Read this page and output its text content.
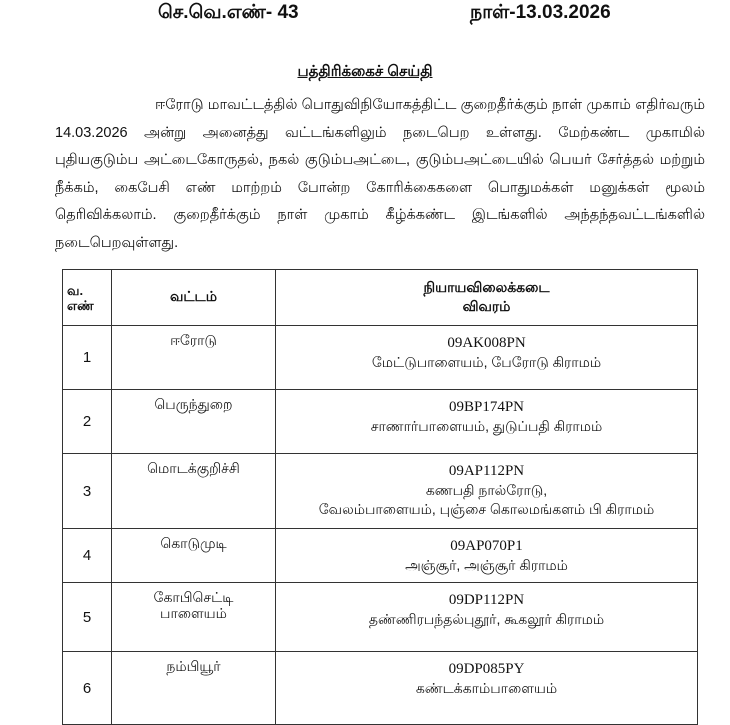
செ.வெ.எண்- 43	நாள்-13.03.2026
பத்திரிக்கைச் செய்தி

ஈரோடு மாவட்டத்தில் பொதுவிநியோகத்திட்ட குறைதீர்க்கும் நாள் முகாம் எதிர்வரும் 14.03.2026 அன்று அனைத்து வட்டங்களிலும் நடைபெற உள்ளது. மேற்கண்ட முகாமில் புதியகுடும்ப அட்டைகோருதல், நகல் குடும்பஅட்டை, குடும்பஅட்டையில் பெயர் சேர்த்தல் மற்றும் நீக்கம், கைபேசி எண் மாற்றம் போன்ற கோரிக்கைகளை பொதுமக்கள் மனுக்கள் மூலம் தெரிவிக்கலாம். குறைதீர்க்கும் நாள் முகாம் கீழ்க்கண்ட இடங்களில் அந்தந்தவட்டங்களில் நடைபெறவுள்ளது.

வ.
எண்	வட்டம்	நியாயவிலைக்கடை
விவரம்
1	ஈரோடு	09AK008PN
மேட்டுபாளையம், பேரோடு கிராமம்
2	பெருந்துறை	09BP174PN
சாணார்பாளையம், துடுப்பதி கிராமம்
3	மொடக்குறிச்சி	09AP112PN
கணபதி நால்ரோடு,
வேலம்பாளையம், புஞ்சை கொலமங்களம் பி கிராமம்
4	கொடுமுடி	09AP070P1
அஞ்சூர், அஞ்சூர் கிராமம்
5	கோபிசெட்டி
பாளையம்	09DP112PN
தண்ணிரபந்தல்புதூர், கூகலூர் கிராமம்
6	நம்பியூர்	09DP085PY
கண்டக்காம்பாளையம்
